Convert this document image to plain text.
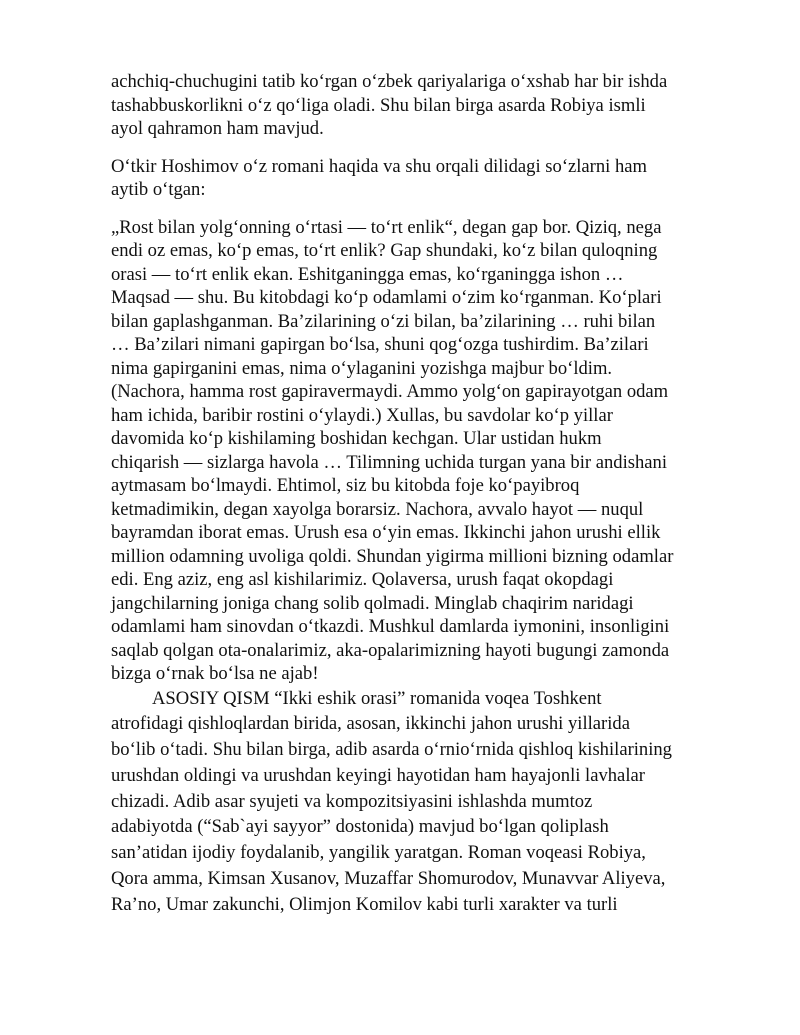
achchiq-chuchugini tatib ko‘rgan o‘zbek qariyalariga o‘xshab har bir ishda
tashabbuskorlikni o‘z qo‘liga oladi. Shu bilan birga asarda Robiya ismli
ayol qahramon ham mavjud.

O‘tkir Hoshimov o‘z romani haqida va shu orqali dilidagi so‘zlarni ham
aytib o‘tgan:

„Rost bilan yolg‘onning o‘rtasi — to‘rt enlik“, degan gap bor. Qiziq, nega
endi oz emas, ko‘p emas, to‘rt enlik? Gap shundaki, ko‘z bilan quloqning
orasi — to‘rt enlik ekan. Eshitganingga emas, ko‘rganingga ishon …
Maqsad — shu. Bu kitobdagi ko‘p odamlami o‘zim ko‘rganman. Ko‘plari
bilan gaplashganman. Ba’zilarining o‘zi bilan, ba’zilarining … ruhi bilan
… Ba’zilari nimani gapirgan bo‘lsa, shuni qog‘ozga tushirdim. Ba’zilari
nima gapirganini emas, nima o‘ylaganini yozishga majbur bo‘ldim.
(Nachora, hamma rost gapiravermaydi. Ammo yolg‘on gapirayotgan odam
ham ichida, baribir rostini o‘ylaydi.) Xullas, bu savdolar ko‘p yillar
davomida ko‘p kishilaming boshidan kechgan. Ular ustidan hukm
chiqarish — sizlarga havola … Tilimning uchida turgan yana bir andishani
aytmasam bo‘lmaydi. Ehtimol, siz bu kitobda foje ko‘payibroq
ketmadimikin, degan xayolga borarsiz. Nachora, avvalo hayot — nuqul
bayramdan iborat emas. Urush esa o‘yin emas. Ikkinchi jahon urushi ellik
million odamning uvoliga qoldi. Shundan yigirma millioni bizning odamlar
edi. Eng aziz, eng asl kishilarimiz. Qolaversa, urush faqat okopdagi
jangchilarning joniga chang solib qolmadi. Minglab chaqirim naridagi
odamlami ham sinovdan o‘tkazdi. Mushkul damlarda iymonini, insonligini
saqlab qolgan ota-onalarimiz, aka-opalarimizning hayoti bugungi zamonda
bizga o‘rnak bo‘lsa ne ajab!

ASOSIY QISM “Ikki eshik orasi” romanida voqea Toshkent
atrofidagi qishloqlardan birida, asosan, ikkinchi jahon urushi yillarida
bo‘lib o‘tadi. Shu bilan birga, adib asarda o‘rnio‘rnida qishloq kishilarining
urushdan oldingi va urushdan keyingi hayotidan ham hayajonli lavhalar
chizadi. Adib asar syujeti va kompozitsiyasini ishlashda mumtoz
adabiyotda (“Sab`ayi sayyor” dostonida) mavjud bo‘lgan qoliplash
san’atidan ijodiy foydalanib, yangilik yaratgan. Roman voqeasi Robiya,
Qora amma, Kimsan Xusanov, Muzaffar Shomurodov, Munavvar Aliyeva,
Ra’no, Umar zakunchi, Olimjon Komilov kabi turli xarakter va turli
